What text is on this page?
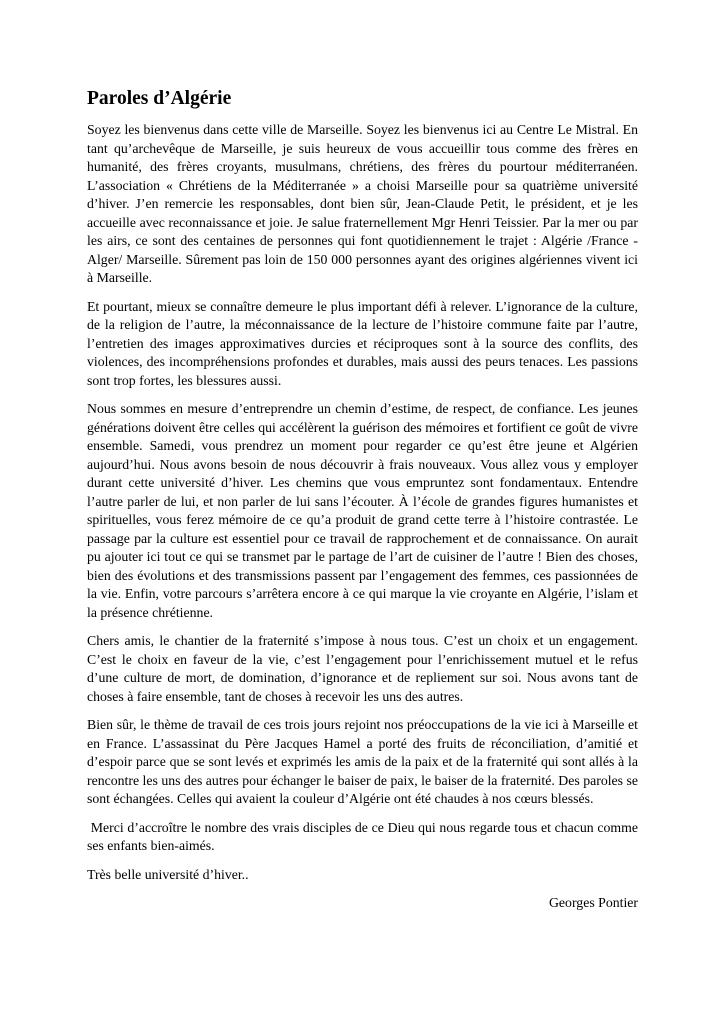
Paroles d’Algérie

Soyez les bienvenus dans cette ville de Marseille. Soyez les bienvenus ici au Centre Le Mistral. En tant qu’archevêque de Marseille, je suis heureux de vous accueillir tous comme des frères en humanité, des frères croyants, musulmans, chrétiens, des frères du pourtour méditerranéen. L’association « Chrétiens de la Méditerranée » a choisi Marseille pour sa quatrième université d’hiver. J’en remercie les responsables, dont bien sûr, Jean-Claude Petit, le président, et je les accueille avec reconnaissance et joie. Je salue fraternellement Mgr Henri Teissier. Par la mer ou par les airs, ce sont des centaines de personnes qui font quotidiennement le trajet : Algérie /France - Alger/ Marseille. Sûrement pas loin de 150 000 personnes ayant des origines algériennes vivent ici à Marseille.

Et pourtant, mieux se connaître demeure le plus important défi à relever. L’ignorance de la culture, de la religion de l’autre, la méconnaissance de la lecture de l’histoire commune faite par l’autre, l’entretien des images approximatives durcies et réciproques sont à la source des conflits, des violences, des incompréhensions profondes et durables, mais aussi des peurs tenaces. Les passions sont trop fortes, les blessures aussi.

Nous sommes en mesure d’entreprendre un chemin d’estime, de respect, de confiance. Les jeunes générations doivent être celles qui accélèrent la guérison des mémoires et fortifient ce goût de vivre ensemble. Samedi, vous prendrez un moment pour regarder ce qu’est être jeune et Algérien aujourd’hui. Nous avons besoin de nous découvrir à frais nouveaux. Vous allez vous y employer durant cette université d’hiver. Les chemins que vous empruntez sont fondamentaux. Entendre l’autre parler de lui, et non parler de lui sans l’écouter. À l’école de grandes figures humanistes et spirituelles, vous ferez mémoire de ce qu’a produit de grand cette terre à l’histoire contrastée. Le passage par la culture est essentiel pour ce travail de rapprochement et de connaissance. On aurait pu ajouter ici tout ce qui se transmet par le partage de l’art de cuisiner de l’autre ! Bien des choses, bien des évolutions et des transmissions passent par l’engagement des femmes, ces passionnées de la vie. Enfin, votre parcours s’arrêtera encore à ce qui marque la vie croyante en Algérie, l’islam et la présence chrétienne.

Chers amis, le chantier de la fraternité s’impose à nous tous. C’est un choix et un engagement. C’est le choix en faveur de la vie, c’est l’engagement pour l’enrichissement mutuel et le refus d’une culture de mort, de domination, d’ignorance et de repliement sur soi. Nous avons tant de choses à faire ensemble, tant de choses à recevoir les uns des autres.

Bien sûr, le thème de travail de ces trois jours rejoint nos préoccupations de la vie ici à Marseille et en France. L’assassinat du Père Jacques Hamel a porté des fruits de réconciliation, d’amitié et d’espoir parce que se sont levés et exprimés les amis de la paix et de la fraternité qui sont allés à la rencontre les uns des autres pour échanger le baiser de paix, le baiser de la fraternité. Des paroles se sont échangées. Celles qui avaient la couleur d’Algérie ont été chaudes à nos cœurs blessés.

Merci d’accroître le nombre des vrais disciples de ce Dieu qui nous regarde tous et chacun comme ses enfants bien-aimés.

Très belle université d’hiver..

Georges Pontier
